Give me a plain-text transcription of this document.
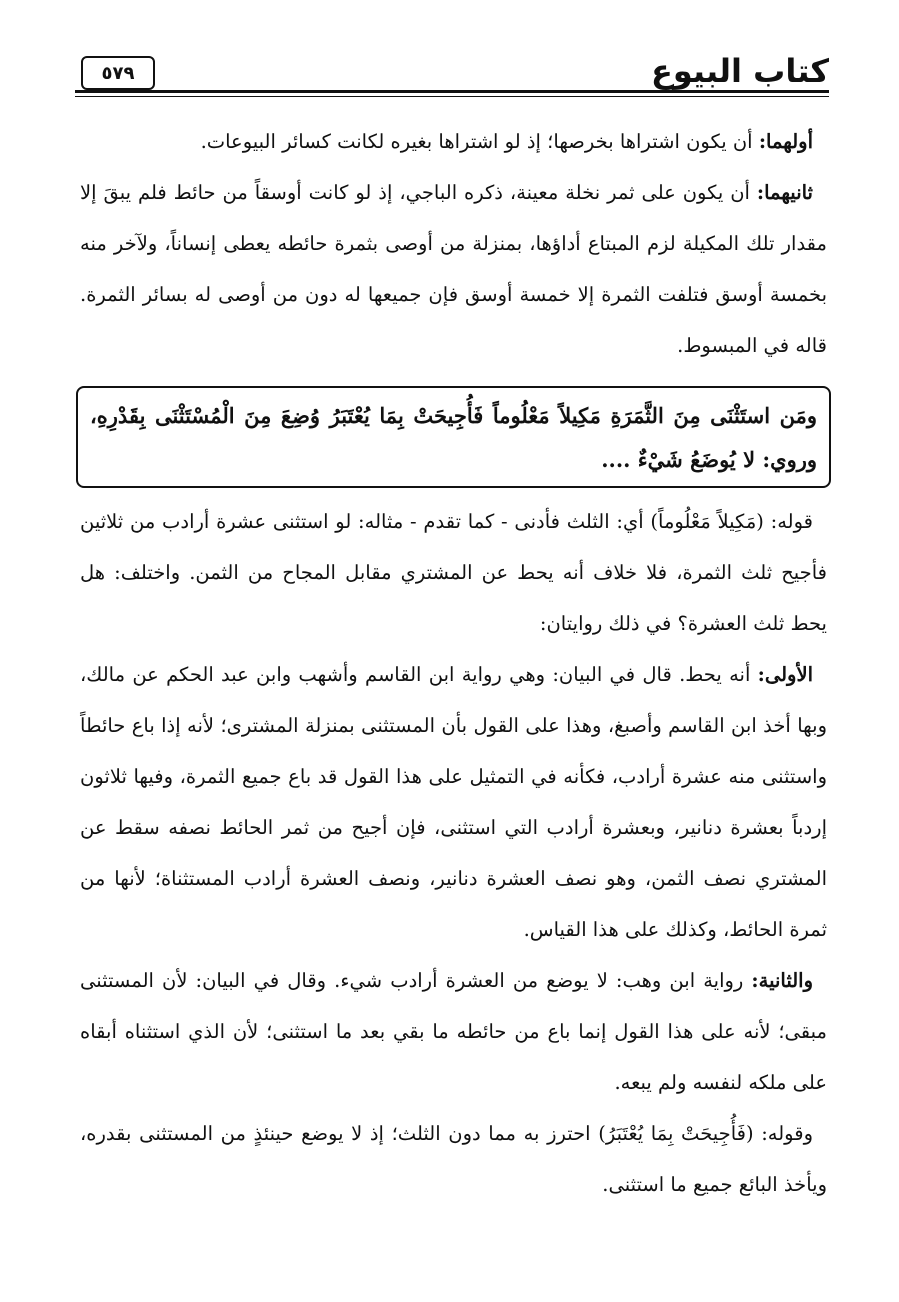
كتاب البيوع
٥٧٩

أولهما: أن يكون اشتراها بخرصها؛ إذ لو اشتراها بغيره لكانت كسائر البيوعات.

ثانيهما: أن يكون على ثمر نخلة معينة، ذكره الباجي، إذ لو كانت أوسقاً من حائط فلم يبقَ إلا مقدار تلك المكيلة لزم المبتاع أداؤها، بمنزلة من أوصى بثمرة حائطه يعطى إنساناً، ولآخر منه بخمسة أوسق فتلفت الثمرة إلا خمسة أوسق فإن جميعها له دون من أوصى له بسائر الثمرة. قاله في المبسوط.

ومَن استَثْنَى مِنَ الثَّمَرَةِ مَكِيلاً مَعْلُوماً فَأُجِيحَتْ بِمَا يُعْتَبَرُ وُضِعَ مِنَ الْمُسْتَثْنَى بِقَدْرِهِ، وروي: لا يُوضَعُ شَيْءٌ ....

قوله: (مَكِيلاً مَعْلُوماً) أي: الثلث فأدنى - كما تقدم - مثاله: لو استثنى عشرة أرادب من ثلاثين فأجيح ثلث الثمرة، فلا خلاف أنه يحط عن المشتري مقابل المجاح من الثمن. واختلف: هل يحط ثلث العشرة؟ في ذلك روايتان:

الأولى: أنه يحط. قال في البيان: وهي رواية ابن القاسم وأشهب وابن عبد الحكم عن مالك، وبها أخذ ابن القاسم وأصبغ، وهذا على القول بأن المستثنى بمنزلة المشترى؛ لأنه إذا باع حائطاً واستثنى منه عشرة أرادب، فكأنه في التمثيل على هذا القول قد باع جميع الثمرة، وفيها ثلاثون إردباً بعشرة دنانير، وبعشرة أرادب التي استثنى، فإن أجيح من ثمر الحائط نصفه سقط عن المشتري نصف الثمن، وهو نصف العشرة دنانير، ونصف العشرة أرادب المستثناة؛ لأنها من ثمرة الحائط، وكذلك على هذا القياس.

والثانية: رواية ابن وهب: لا يوضع من العشرة أرادب شيء. وقال في البيان: لأن المستثنى مبقى؛ لأنه على هذا القول إنما باع من حائطه ما بقي بعد ما استثنى؛ لأن الذي استثناه أبقاه على ملكه لنفسه ولم يبعه.

وقوله: (فَأُجِيحَتْ بِمَا يُعْتَبَرُ) احترز به مما دون الثلث؛ إذ لا يوضع حينئذٍ من المستثنى بقدره، ويأخذ البائع جميع ما استثنى.
